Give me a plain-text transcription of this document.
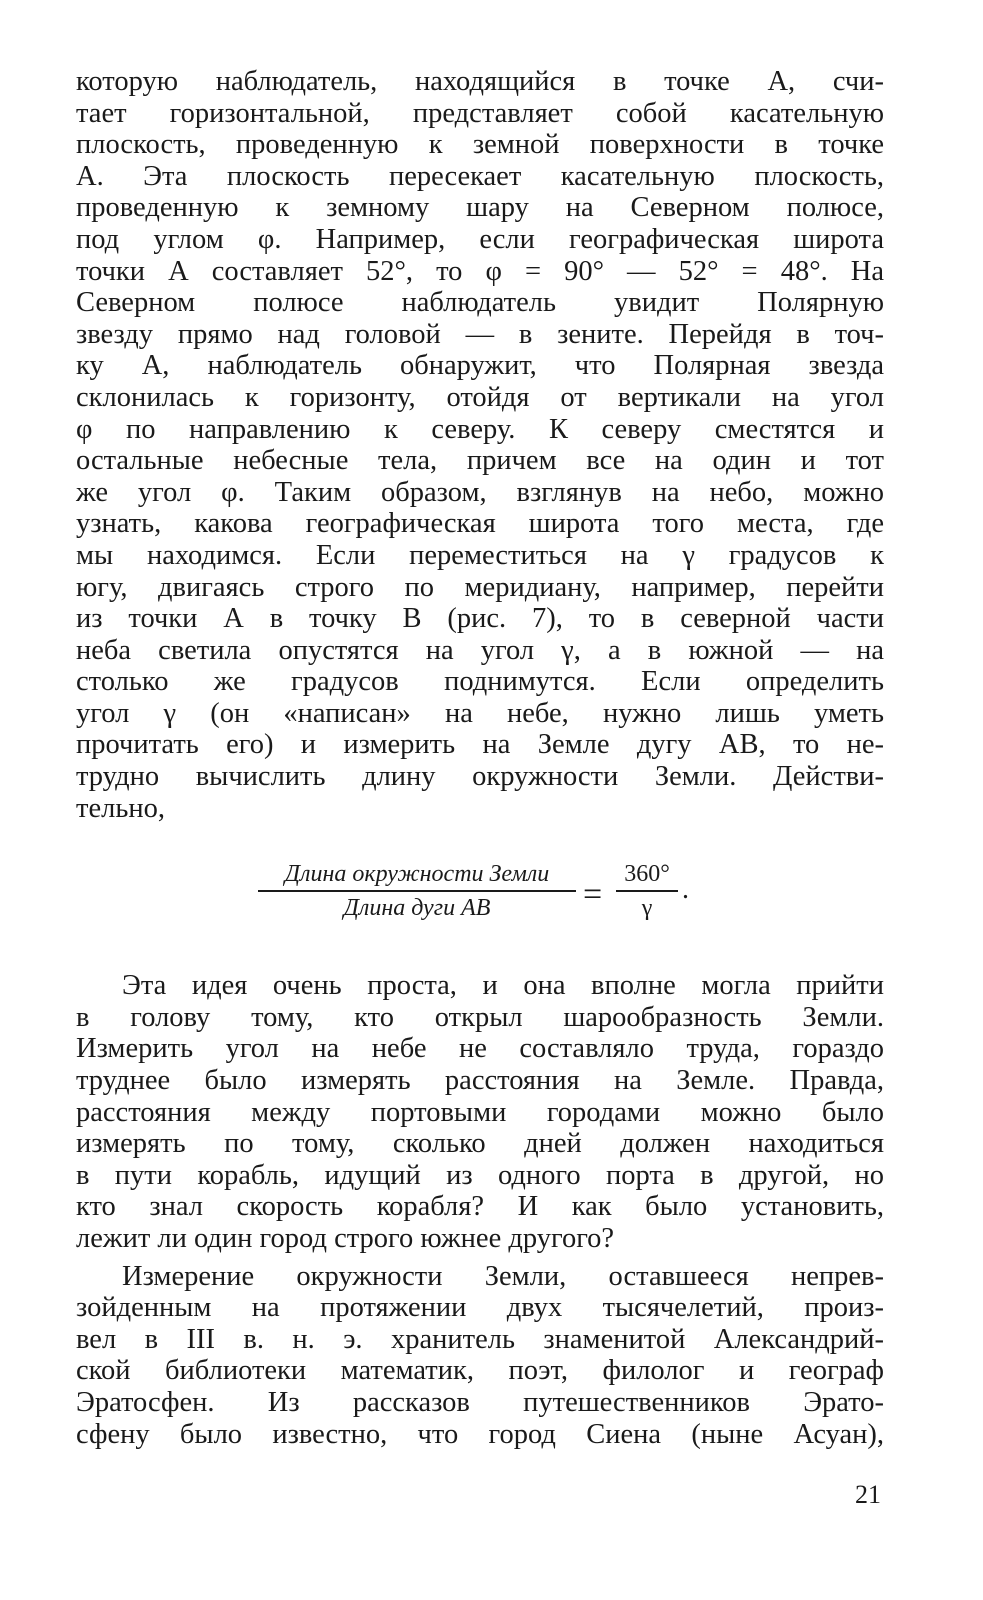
которую наблюдатель, находящийся в точке А, счи-
тает горизонтальной, представляет собой касательную
плоскость, проведенную к земной поверхности в точке
А. Эта плоскость пересекает касательную плоскость,
проведенную к земному шару на Северном полюсе,
под углом φ. Например, если географическая широта
точки А составляет 52°, то φ = 90° — 52° = 48°. На
Северном полюсе наблюдатель увидит Полярную
звезду прямо над головой — в зените. Перейдя в точ-
ку А, наблюдатель обнаружит, что Полярная звезда
склонилась к горизонту, отойдя от вертикали на угол
φ по направлению к северу. К северу сместятся и
остальные небесные тела, причем все на один и тот
же угол φ. Таким образом, взглянув на небо, можно
узнать, какова географическая широта того места, где
мы находимся. Если переместиться на γ градусов к
югу, двигаясь строго по меридиану, например, перейти
из точки А в точку В (рис. 7), то в северной части
неба светила опустятся на угол γ, а в южной — на
столько же градусов поднимутся. Если определить
угол γ (он «написан» на небе, нужно лишь уметь
прочитать его) и измерить на Земле дугу АВ, то не-
трудно вычислить длину окружности Земли. Действи-
тельно,
Длина окружности Земли
Длина дуги АВ	=
360°
γ
.
Эта идея очень проста, и она вполне могла прийти
в голову тому, кто открыл шарообразность Земли.
Измерить угол на небе не составляло труда, гораздо
труднее было измерять расстояния на Земле. Правда,
расстояния между портовыми городами можно было
измерять по тому, сколько дней должен находиться
в пути корабль, идущий из одного порта в другой, но
кто знал скорость корабля? И как было установить,
лежит ли один город строго южнее другого?
Измерение окружности Земли, оставшееся непрев-
зойденным на протяжении двух тысячелетий, произ-
вел в III в. н. э. хранитель знаменитой Александрий-
ской библиотеки математик, поэт, филолог и географ
Эратосфен. Из рассказов путешественников Эрато-
сфену было известно, что город Сиена (ныне Асуан),
21
